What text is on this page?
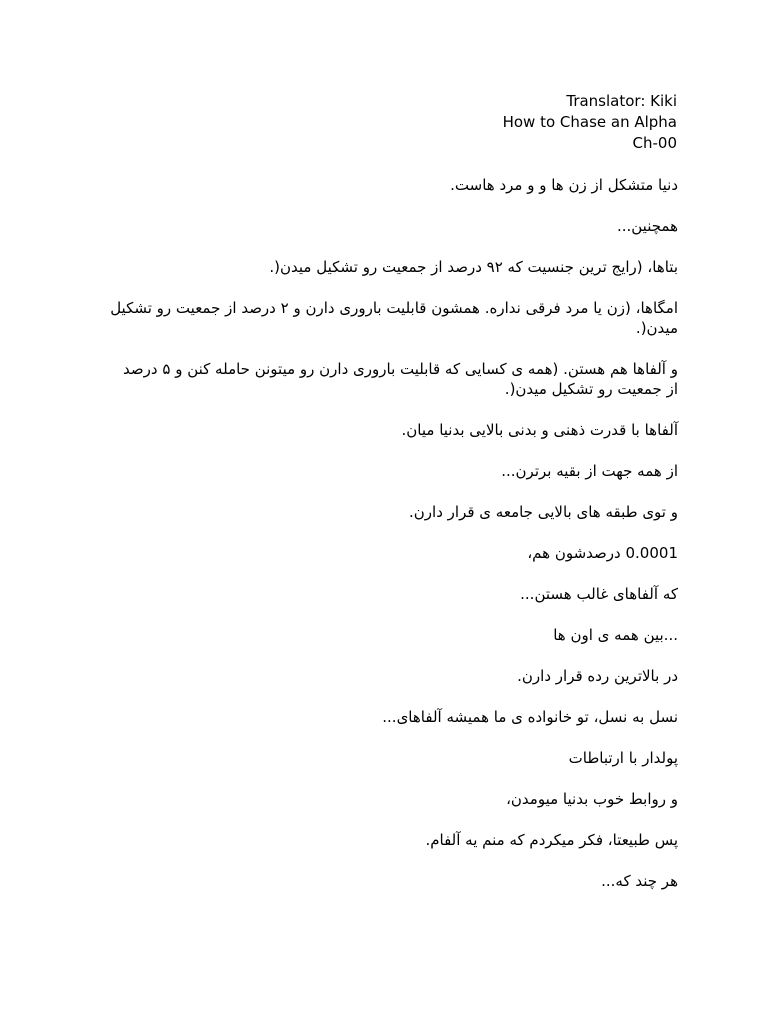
Translator: Kiki
How to Chase an Alpha
Ch-00

دنیا متشکل از زن ها و و مرد هاست.

همچنین...

بتاها، (رایج ترین جنسیت که ۹۲ درصد از جمعیت رو تشکیل میدن(.

امگاها، (زن یا مرد فرقی نداره. همشون قابلیت باروری دارن و ۲ درصد از جمعیت رو تشکیل میدن(.

و آلفاها هم هستن. (همه ی کسایی که قابلیت باروری دارن رو میتونن حامله کنن و ۵ درصد از جمعیت رو تشکیل میدن(.

آلفاها با قدرت ذهنی و بدنی بالایی بدنیا میان.

از همه جهت از بقیه برترن...

و توی طبقه های بالایی جامعه ی قرار دارن.

0.0001 درصدشون هم،

که آلفاهای غالب هستن...

...بین همه ی اون ها

در بالاترین رده قرار دارن.

نسل به نسل، تو خانواده ی ما همیشه آلفاهای...

پولدار با ارتباطات

و روابط خوب بدنیا میومدن،

پس طبیعتا، فکر میکردم که منم یه آلفام.

هر چند که...
